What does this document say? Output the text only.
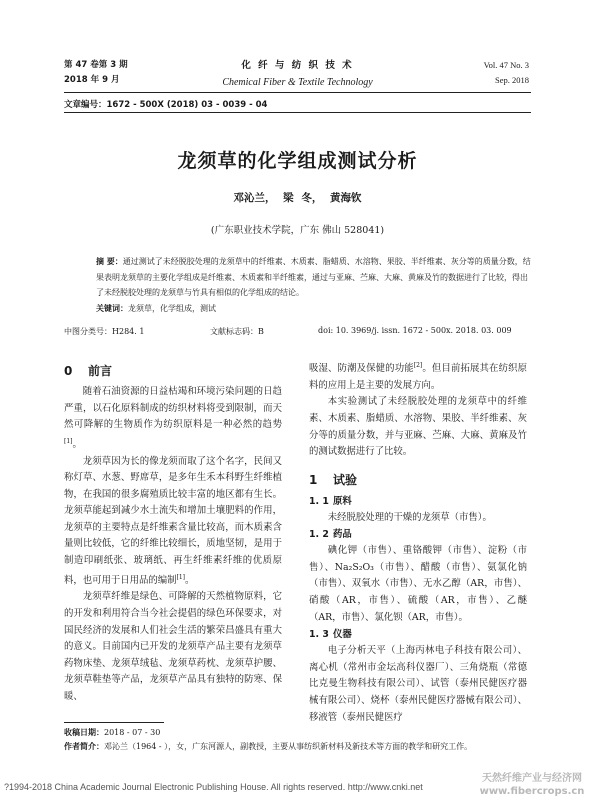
第 47 卷第 3 期
2018 年 9 月
化 纤 与 纺 织 技 术
Chemical Fiber & Textile Technology
Vol. 47 No. 3
Sep. 2018
文章编号：1672 - 500X (2018) 03 - 0039 - 04
龙须草的化学组成测试分析
邓沁兰， 梁 冬， 黄海钦
(广东职业技术学院，广东 佛山 528041)
摘 要：通过测试了未经脱胶处理的龙须草中的纤维素、木质素、脂蜡质、水溶物、果胶、半纤维素、灰分等的质量分数，结果表明龙须草的主要化学组成是纤维素、木质素和半纤维素，通过与亚麻、苎麻、大麻、黄麻及竹的数据进行了比较，得出了未经脱胶处理的龙须草与竹具有相似的化学组成的结论。
关键词：龙须草，化学组成，测试
中图分类号：H284. 1	文献标志码：B	doi: 10. 3969/j. issn. 1672 - 500x. 2018. 03. 009
0 前言

随着石油资源的日益枯竭和环境污染问题的日趋严重，以石化原料制成的纺织材料将受到限制，而天然可降解的生物质作为纺织原料是一种必然的趋势[1]。

龙须草因为长的像龙须而取了这个名字，民间又称灯草、水葱、野席草，是多年生禾本科野生纤维植物，在我国的很多腐殖质比较丰富的地区都有生长。龙须草能起到减少水土流失和增加土壤肥料的作用，龙须草的主要特点是纤维素含量比较高，而木质素含量则比较低，它的纤维比较细长，质地坚韧，是用于制造印刷纸张、玻璃纸、再生纤维素纤维的优质原料，也可用于日用品的编制[1]。

龙须草纤维是绿色、可降解的天然植物原料，它的开发和利用符合当今社会提倡的绿色环保要求，对国民经济的发展和人们社会生活的繁荣昌盛具有重大的意义。目前国内已开发的龙须草产品主要有龙须草药物床垫、龙须草绒毡、龙须草药枕、龙须草护腰、龙须草鞋垫等产品，龙须草产品具有独特的防寒、保暖、

吸湿、防潮及保健的功能[2]。但目前拓展其在纺织原料的应用上是主要的发展方向。

本实验测试了未经脱胶处理的龙须草中的纤维素、木质素、脂蜡质、水溶物、果胶、半纤维素、灰分等的质量分数，并与亚麻、苎麻、大麻、黄麻及竹的测试数据进行了比较。

1 试验
1. 1 原料

未经脱胶处理的干燥的龙须草（市售）。

1. 2 药品

碘化钾（市售）、重铬酸钾（市售）、淀粉（市售）、Na₂S₂O₃（市售）、醋酸（市售）、氨氯化钠（市售）、双氧水（市售）、无水乙醇（AR，市售）、硝酸（AR，市售）、硫酸（AR，市售）、乙醚（AR，市售）、氯化钡（AR，市售）。

1. 3 仪器

电子分析天平（上海丙林电子科技有限公司）、离心机（常州市金坛高科仪器厂）、三角烧瓶（常德比克曼生物科技有限公司）、试管（泰州民健医疗器械有限公司）、烧杯（泰州民健医疗器械有限公司）、移液管（泰州民健医疗

收稿日期：2018 - 07 - 30
作者简介：邓沁兰（1964 - ），女，广东河源人，副教授，主要从事纺织新材料及新技术等方面的教学和研究工作。
?1994-2018 China Academic Journal Electronic Publishing House. All rights reserved. http://www.cnki.net
天然纤维产业与经济网 www.fibercrops.cn
